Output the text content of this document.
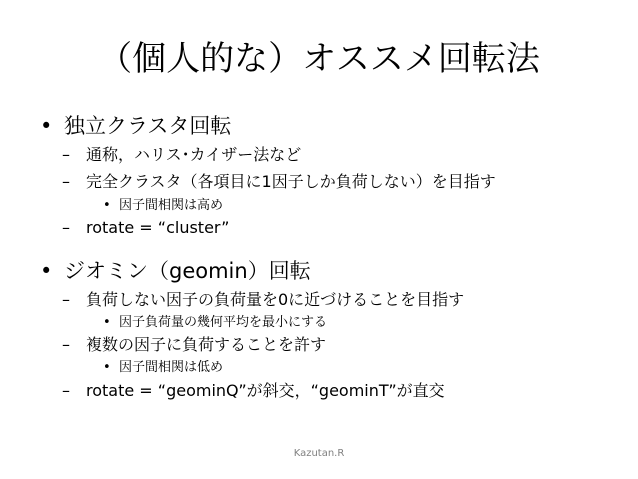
（個人的な）オススメ回転法
• 独立クラスタ回転
– 通称，ハリス･カイザー法など
– 完全クラスタ（各項目に1因子しか負荷しない）を目指す
• 因子間相関は高め
– rotate = “cluster”
• ジオミン（geomin）回転
– 負荷しない因子の負荷量を0に近づけることを目指す
• 因子負荷量の幾何平均を最小にする
– 複数の因子に負荷することを許す
• 因子間相関は低め
– rotate = “geominQ”が斜交，“geominT”が直交
Kazutan.R
